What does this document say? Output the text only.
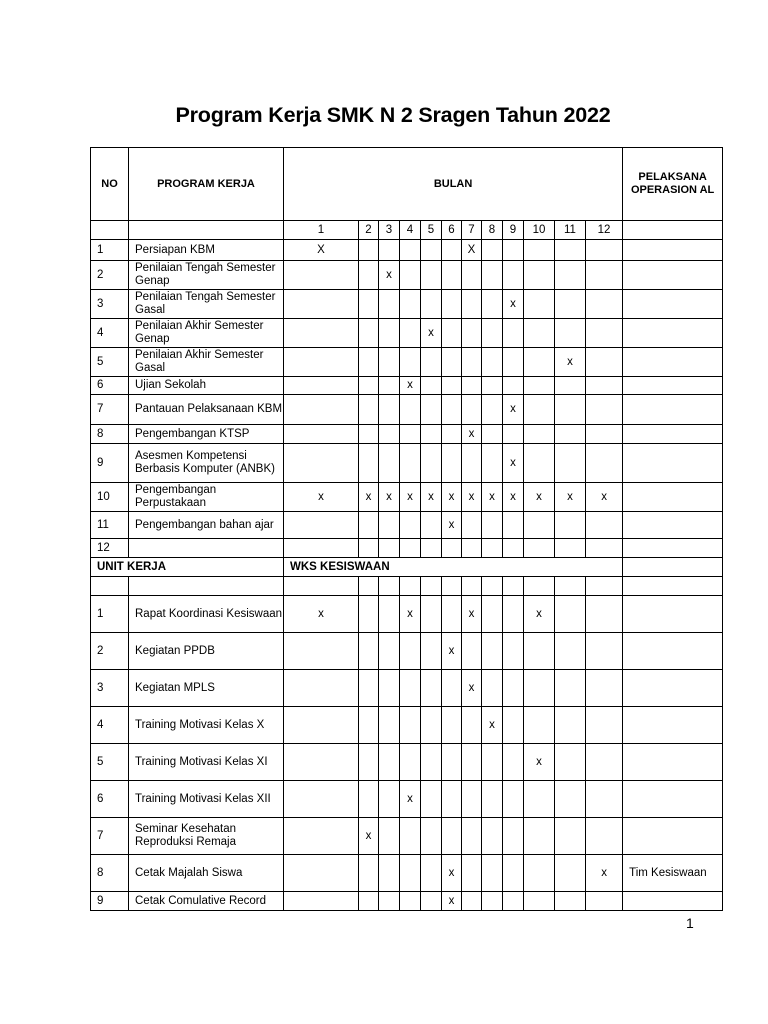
Program Kerja SMK N 2 Sragen Tahun 2022
NO	PROGRAM KERJA	BULAN												PELAKSANA OPERASION AL
		1	2	3	4	5	6	7	8	9	10	11	12	
1	Persiapan KBM	X						X						
2	Penilaian Tengah Semester Genap			x										
3	Penilaian Tengah Semester Gasal									x				
4	Penilaian Akhir Semester Genap					x								
5	Penilaian Akhir Semester Gasal											x		
6	Ujian Sekolah				x									
7	Pantauan Pelaksanaan KBM									x				
8	Pengembangan KTSP							x						
9	Asesmen Kompetensi Berbasis Komputer (ANBK)									x				
10	Pengembangan Perpustakaan	x	x	x	x	x	x	x	x	x	x	x	x	
11	Pengembangan bahan ajar						x							
12														
UNIT KERJA		WKS KESISWAAN												

1	Rapat Koordinasi Kesiswaan	x			x			x			x			
2	Kegiatan PPDB						x							
3	Kegiatan MPLS							x						
4	Training Motivasi Kelas X								x					
5	Training Motivasi Kelas XI										x			
6	Training Motivasi Kelas XII				x									
7	Seminar Kesehatan Reproduksi Remaja		x											
8	Cetak Majalah Siswa						x						x	Tim Kesiswaan
9	Cetak Comulative Record						x							
1
